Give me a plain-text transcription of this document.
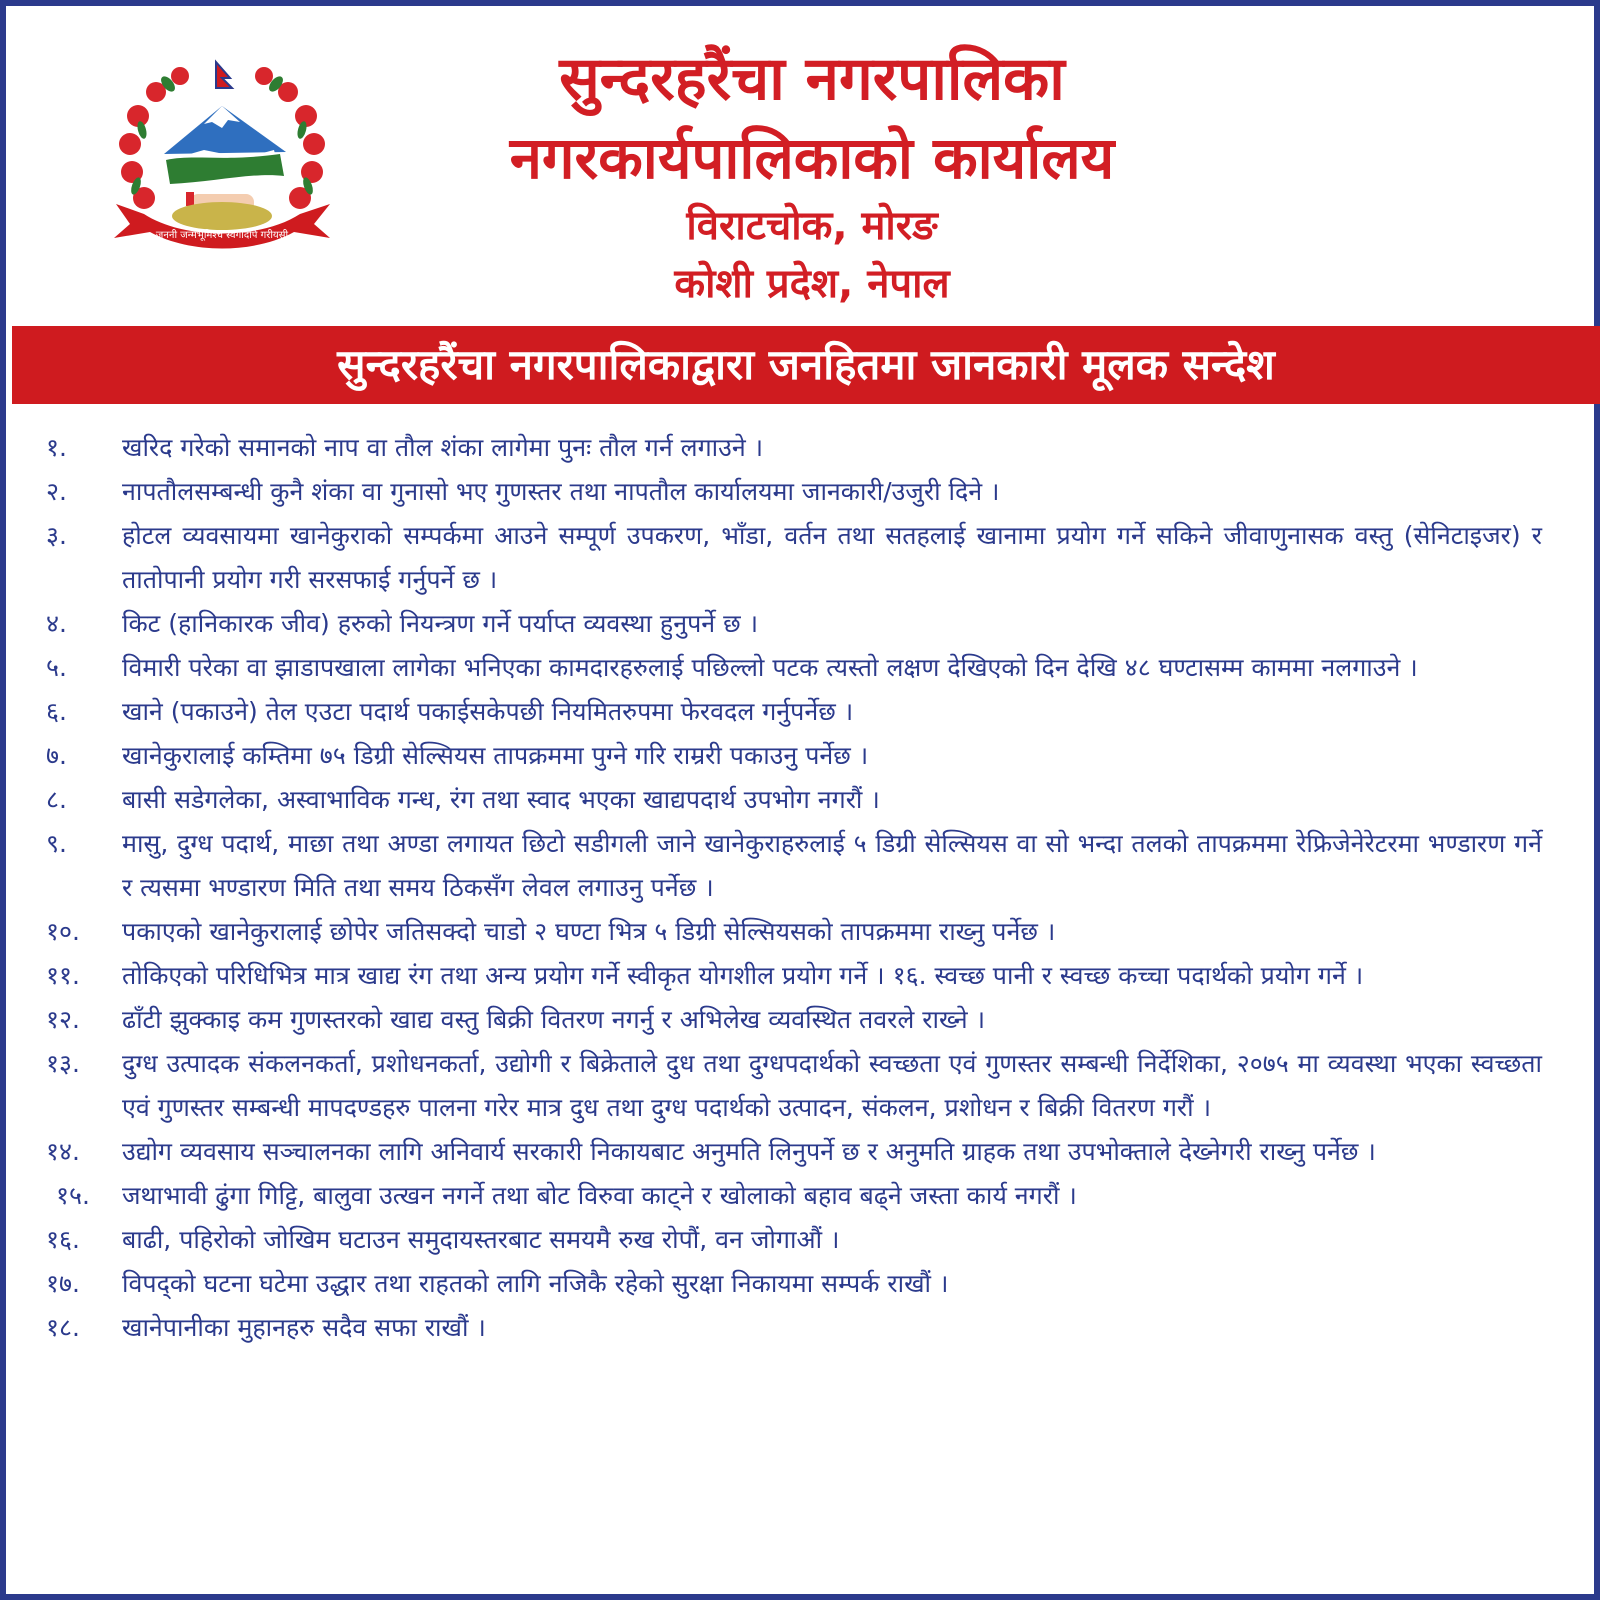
जननी जन्मभूमिश्च स्वर्गादपि गरीयसी
सुन्दरहरैंचा नगरपालिका
नगरकार्यपालिकाको कार्यालय
विराटचोक, मोरङ
कोशी प्रदेश, नेपाल
सुन्दरहरैंचा नगरपालिकाद्वारा जनहितमा जानकारी मूलक सन्देश
१.	खरिद गरेको समानको नाप वा तौल शंका लागेमा पुनः तौल गर्न लगाउने ।
२.	नापतौलसम्बन्धी कुनै शंका वा गुनासो भए गुणस्तर तथा नापतौल कार्यालयमा जानकारी/उजुरी दिने ।
३.	होटल व्यवसायमा खानेकुराको सम्पर्कमा आउने सम्पूर्ण उपकरण, भाँडा, वर्तन तथा सतहलाई खानामा प्रयोग गर्ने सकिने जीवाणुनासक वस्तु (सेनिटाइजर) र तातोपानी प्रयोग गरी सरसफाई गर्नुपर्ने छ ।
४.	किट (हानिकारक जीव) हरुको नियन्त्रण गर्ने पर्याप्त व्यवस्था हुनुपर्ने छ ।
५.	विमारी परेका वा झाडापखाला लागेका भनिएका कामदारहरुलाई पछिल्लो पटक त्यस्तो लक्षण देखिएको दिन देखि ४८ घण्टासम्म काममा नलगाउने ।
६.	खाने (पकाउने) तेल एउटा पदार्थ पकाईसकेपछी नियमितरुपमा फेरवदल गर्नुपर्नेछ ।
७.	खानेकुरालाई कम्तिमा ७५ डिग्री सेल्सियस तापक्रममा पुग्ने गरि राम्ररी पकाउनु पर्नेछ ।
८.	बासी सडेगलेका, अस्वाभाविक गन्ध, रंग तथा स्वाद भएका खाद्यपदार्थ उपभोग नगरौं ।
९.	मासु, दुग्ध पदार्थ, माछा तथा अण्डा लगायत छिटो सडीगली जाने खानेकुराहरुलाई ५ डिग्री सेल्सियस वा सो भन्दा तलको तापक्रममा रेफ्रिजेनेरेटरमा भण्डारण गर्ने र त्यसमा भण्डारण मिति तथा समय ठिकसँग लेवल लगाउनु पर्नेछ ।
१०.	पकाएको खानेकुरालाई छोपेर जतिसक्दो चाडो २ घण्टा भित्र ५ डिग्री सेल्सियसको तापक्रममा राख्नु पर्नेछ ।
११.	तोकिएको परिधिभित्र मात्र खाद्य रंग तथा अन्य प्रयोग गर्ने स्वीकृत योगशील प्रयोग गर्ने । १६. स्वच्छ पानी र स्वच्छ कच्चा पदार्थको प्रयोग गर्ने ।
१२.	ढाँटी झुक्काइ कम गुणस्तरको खाद्य वस्तु बिक्री वितरण नगर्नु र अभिलेख व्यवस्थित तवरले राख्ने ।
१३.	दुग्ध उत्पादक संकलनकर्ता, प्रशोधनकर्ता, उद्योगी र बिक्रेताले दुध तथा दुग्धपदार्थको स्वच्छता एवं गुणस्तर सम्बन्धी निर्देशिका, २०७५ मा व्यवस्था भएका स्वच्छता एवं गुणस्तर सम्बन्धी मापदण्डहरु पालना गरेर मात्र दुध तथा दुग्ध पदार्थको उत्पादन, संकलन, प्रशोधन र बिक्री वितरण गरौं ।
१४.	उद्योग व्यवसाय सञ्चालनका लागि अनिवार्य सरकारी निकायबाट अनुमति लिनुपर्ने छ र अनुमति ग्राहक तथा उपभोक्ताले देख्नेगरी राख्नु पर्नेछ ।
१५.	जथाभावी ढुंगा गिट्टि, बालुवा उत्खन नगर्ने तथा बोट विरुवा काट्ने र खोलाको बहाव बढ्ने जस्ता कार्य नगरौं ।
१६.	बाढी, पहिरोको जोखिम घटाउन समुदायस्तरबाट समयमै रुख रोपौं, वन जोगाऔं ।
१७.	विपद्को घटना घटेमा उद्धार तथा राहतको लागि नजिकै रहेको सुरक्षा निकायमा सम्पर्क राखौं ।
१८.	खानेपानीका मुहानहरु सदैव सफा राखौं ।
